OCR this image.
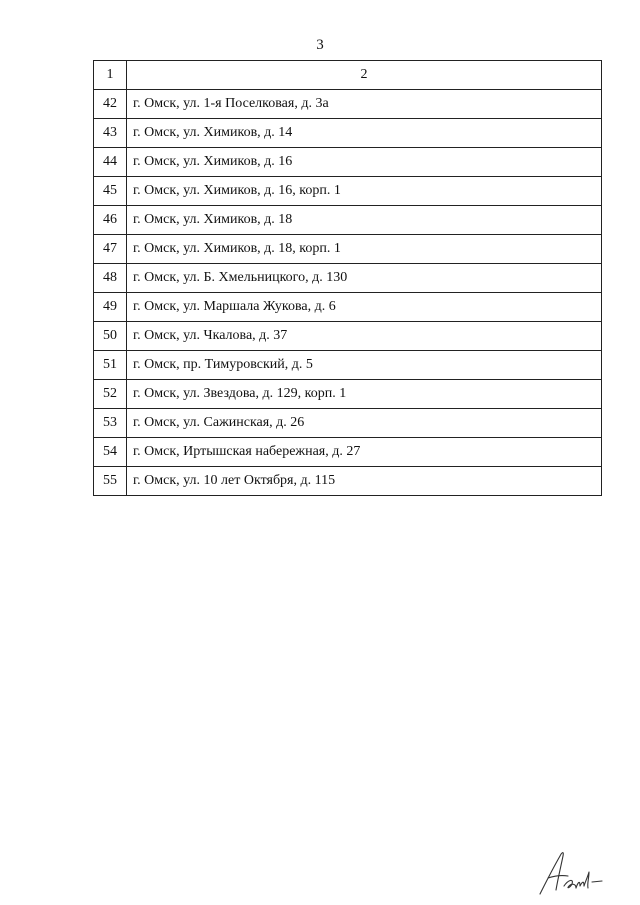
3
1	2
42	г. Омск, ул. 1-я Поселковая, д. 3а
43	г. Омск, ул. Химиков, д. 14
44	г. Омск, ул. Химиков, д. 16
45	г. Омск, ул. Химиков, д. 16, корп. 1
46	г. Омск, ул. Химиков, д. 18
47	г. Омск, ул. Химиков, д. 18, корп. 1
48	г. Омск, ул. Б. Хмельницкого, д. 130
49	г. Омск, ул. Маршала Жукова, д. 6
50	г. Омск, ул. Чкалова, д. 37
51	г. Омск, пр. Тимуровский, д. 5
52	г. Омск, ул. Звездова, д. 129, корп. 1
53	г. Омск, ул. Сажинская, д. 26
54	г. Омск, Иртышская набережная, д. 27
55	г. Омск, ул. 10 лет Октября, д. 115
